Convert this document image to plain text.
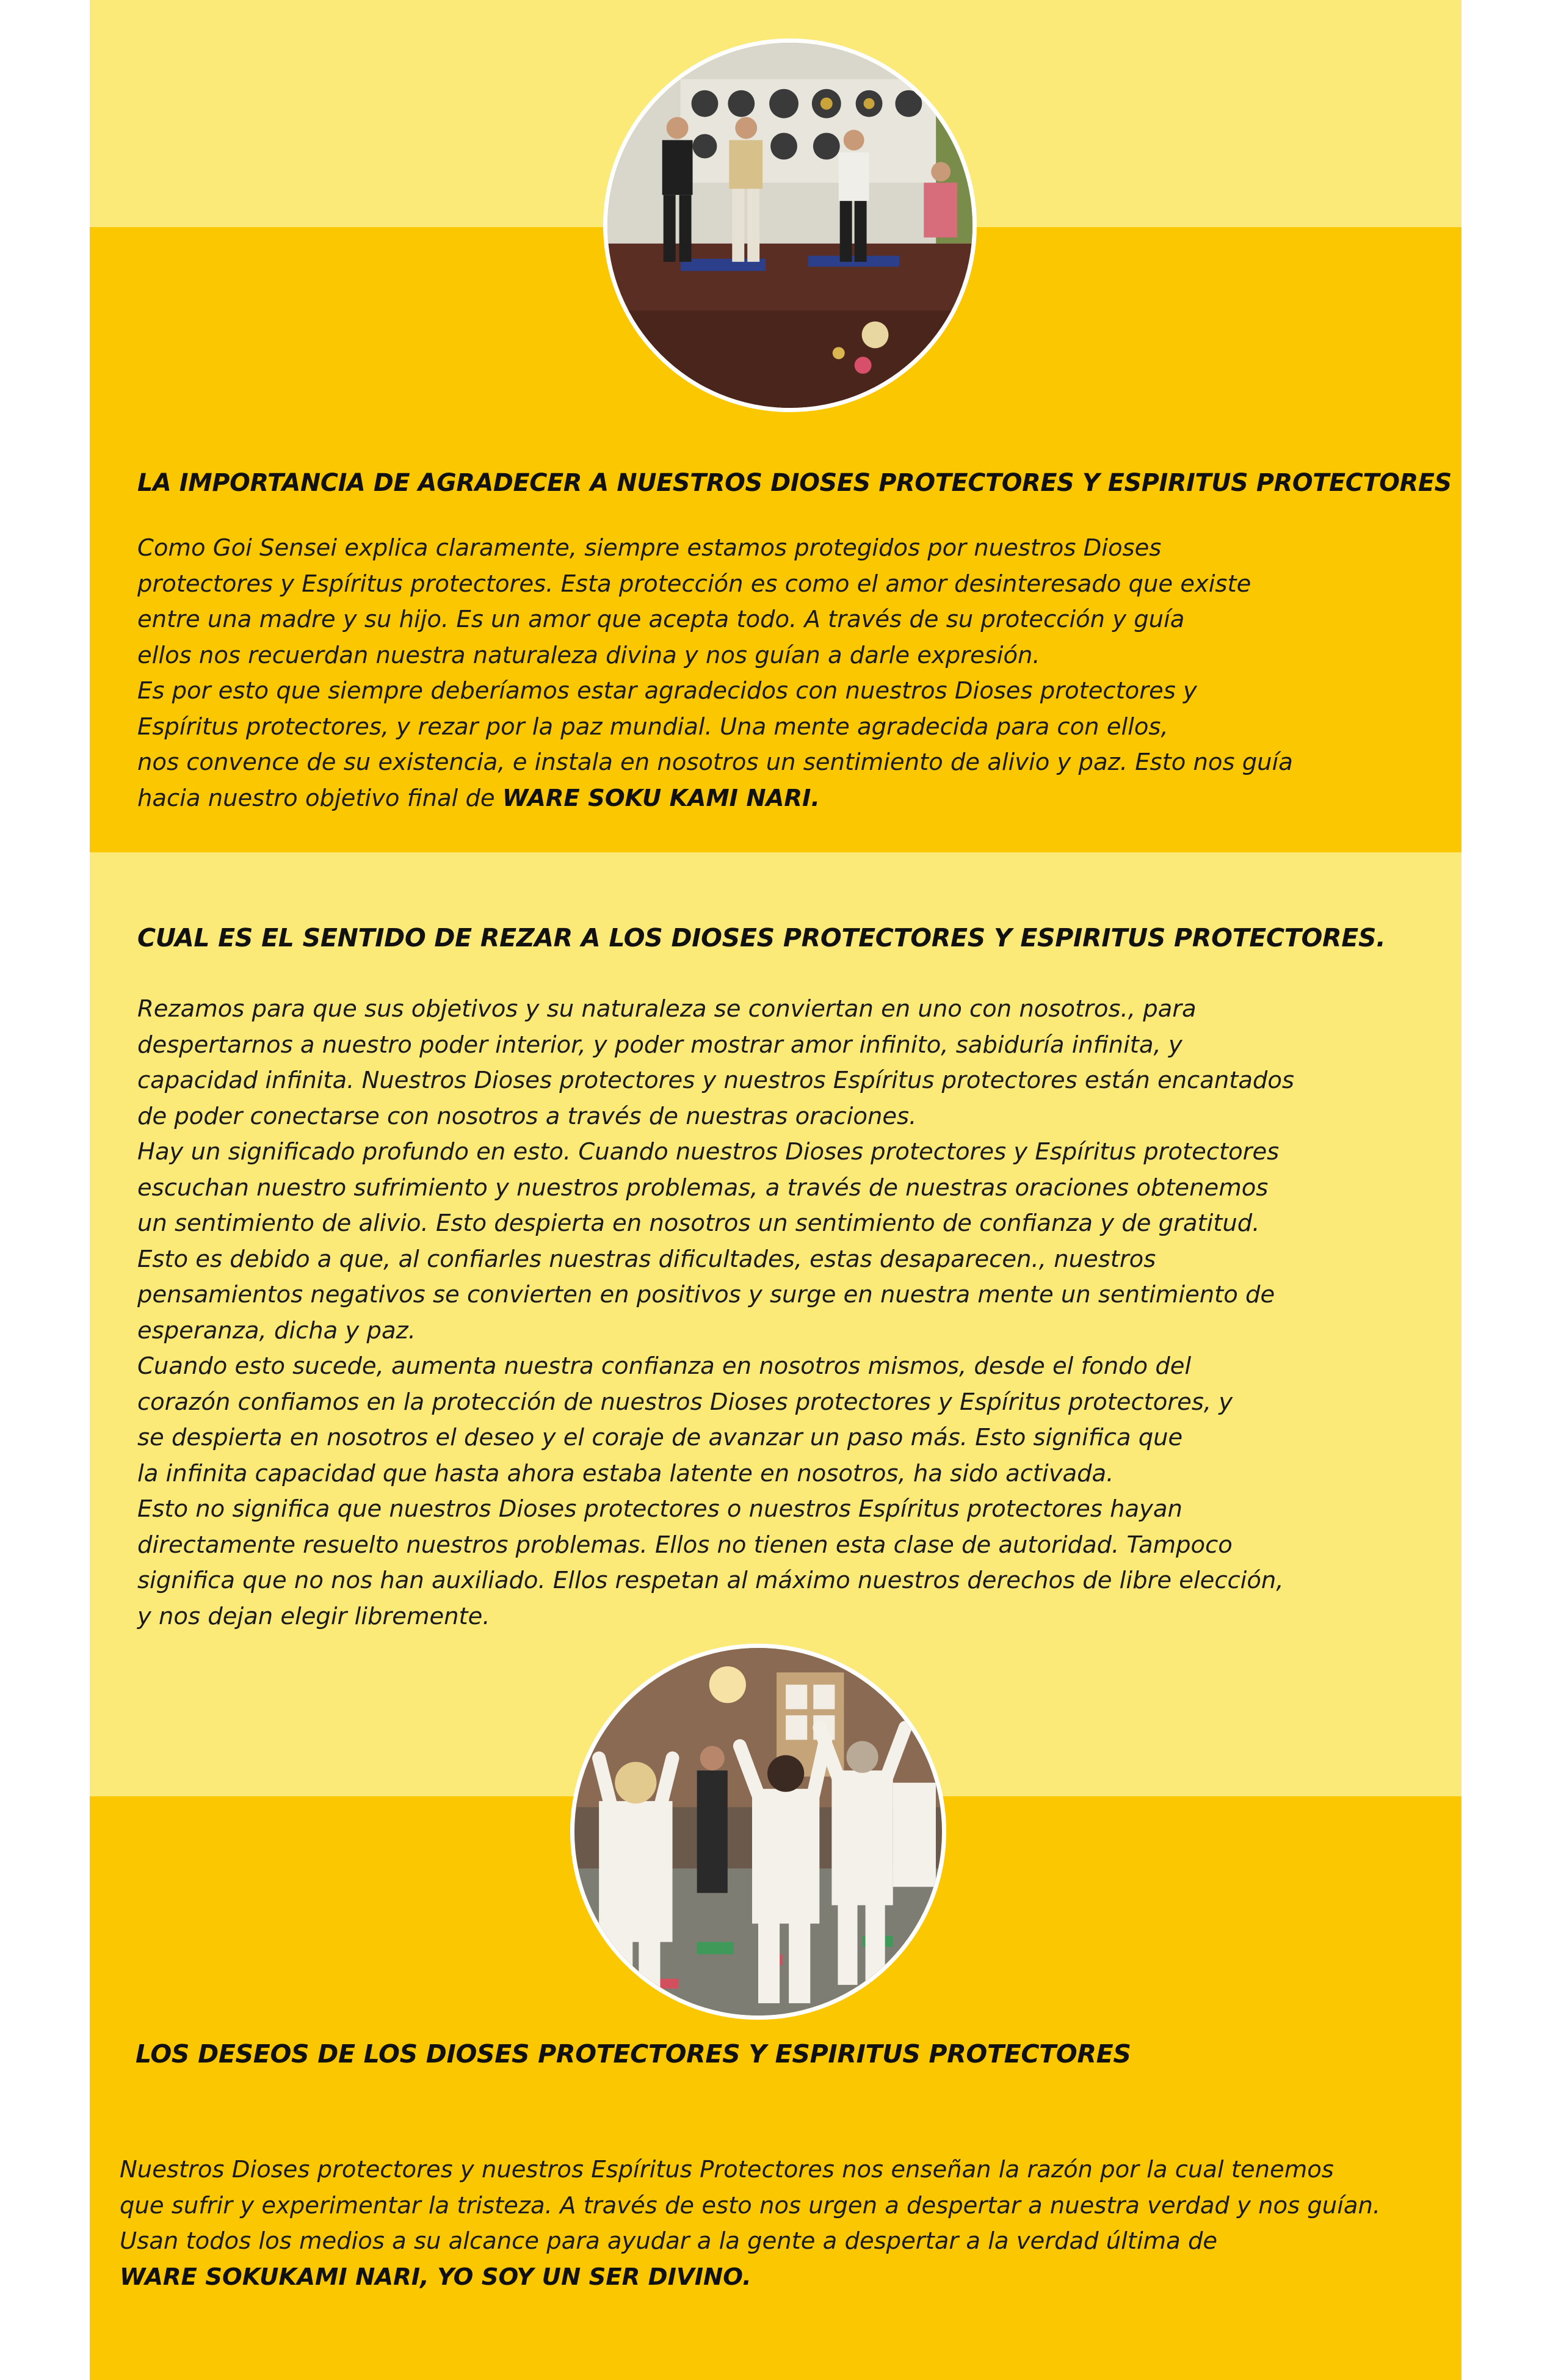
LA IMPORTANCIA DE AGRADECER A NUESTROS DIOSES PROTECTORES Y ESPIRITUS PROTECTORES

Como Goi Sensei explica claramente, siempre estamos protegidos por nuestros Dioses
protectores y Espíritus protectores. Esta protección es como el amor desinteresado que existe
entre una madre y su hijo. Es un amor que acepta todo. A través de su protección y guía
ellos nos recuerdan nuestra naturaleza divina y nos guían a darle expresión.
Es por esto que siempre deberíamos estar agradecidos con nuestros Dioses protectores y
Espíritus protectores, y rezar por la paz mundial. Una mente agradecida para con ellos,
nos convence de su existencia, e instala en nosotros un sentimiento de alivio y paz. Esto nos guía
hacia nuestro objetivo final de WARE SOKU KAMI NARI.

CUAL ES EL SENTIDO DE REZAR A LOS DIOSES PROTECTORES Y ESPIRITUS PROTECTORES.

Rezamos para que sus objetivos y su naturaleza se conviertan en uno con nosotros., para
despertarnos a nuestro poder interior, y poder mostrar amor infinito, sabiduría infinita, y
capacidad infinita. Nuestros Dioses protectores y nuestros Espíritus protectores están encantados
de poder conectarse con nosotros a través de nuestras oraciones.
Hay un significado profundo en esto. Cuando nuestros Dioses protectores y Espíritus protectores
escuchan nuestro sufrimiento y nuestros problemas, a través de nuestras oraciones obtenemos
un sentimiento de alivio. Esto despierta en nosotros un sentimiento de confianza y de gratitud.
Esto es debido a que, al confiarles nuestras dificultades, estas desaparecen., nuestros
pensamientos negativos se convierten en positivos y surge en nuestra mente un sentimiento de
esperanza, dicha y paz.
Cuando esto sucede, aumenta nuestra confianza en nosotros mismos, desde el fondo del
corazón confiamos en la protección de nuestros Dioses protectores y Espíritus protectores, y
se despierta en nosotros el deseo y el coraje de avanzar un paso más. Esto significa que
la infinita capacidad que hasta ahora estaba latente en nosotros, ha sido activada.
Esto no significa que nuestros Dioses protectores o nuestros Espíritus protectores hayan
directamente resuelto nuestros problemas. Ellos no tienen esta clase de autoridad. Tampoco
significa que no nos han auxiliado. Ellos respetan al máximo nuestros derechos de libre elección,
y nos dejan elegir libremente.

LOS DESEOS DE LOS DIOSES PROTECTORES Y ESPIRITUS PROTECTORES

Nuestros Dioses protectores y nuestros Espíritus Protectores nos enseñan la razón por la cual tenemos
que sufrir y experimentar la tristeza. A través de esto nos urgen a despertar a nuestra verdad y nos guían.
Usan todos los medios a su alcance para ayudar a la gente a despertar a la verdad última de
WARE SOKUKAMI NARI, YO SOY UN SER DIVINO.
